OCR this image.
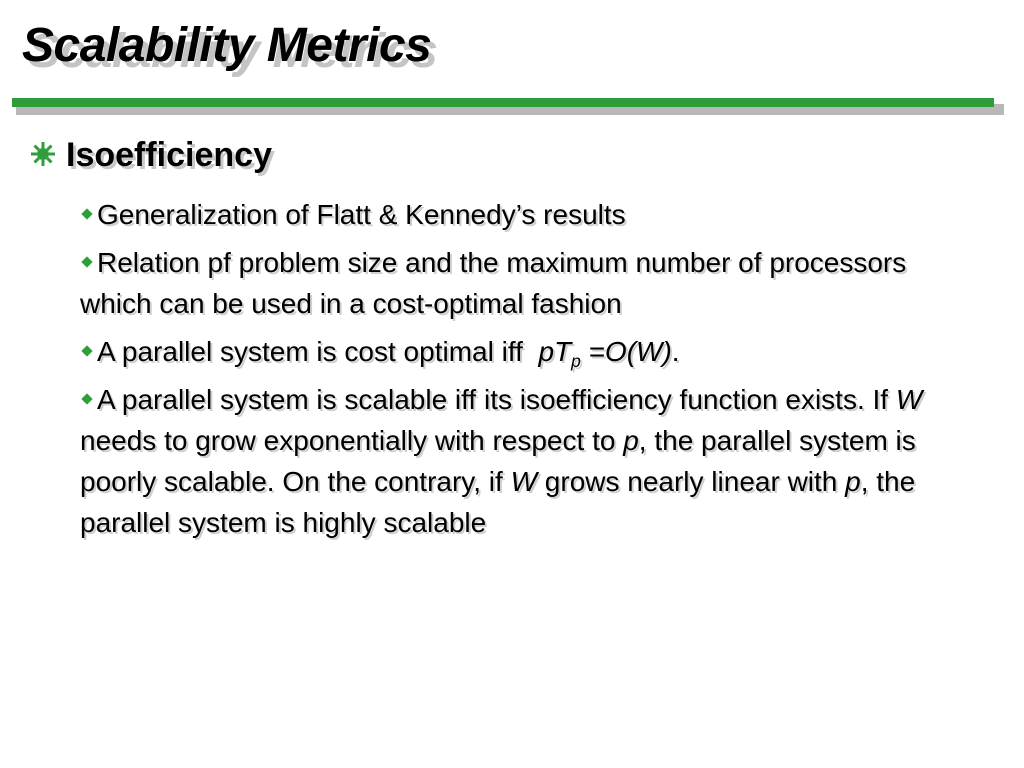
Scalability Metrics
Isoefficiency
Generalization of Flatt & Kennedy’s results
Relation pf problem size and the maximum number of processors which can be used in a cost-optimal fashion
A parallel system is cost optimal iff  $pT_p =O(W)$.
A parallel system is scalable iff its isoefficiency function exists. If W needs to grow exponentially with respect to p, the parallel system is poorly scalable. On the contrary, if W grows nearly linear with p, the parallel system is highly scalable
